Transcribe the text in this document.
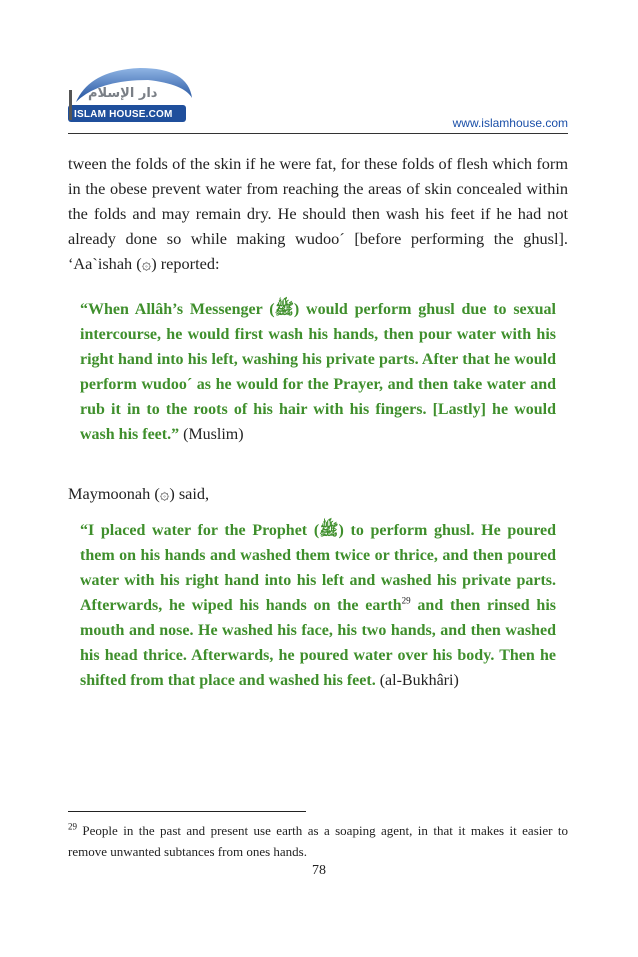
دار الإسلام
ISLAM HOUSE.COM
www.islamhouse.com

tween the folds of the skin if he were fat, for these folds of flesh which form in the obese prevent water from reaching the areas of skin concealed within the folds and may remain dry. He should then wash his feet if he had not already done so while making wudoo´ [before performing the ghusl]. ‘Aa`ishah (۞) reported:

“When Allâh’s Messenger (ﷺ) would perform ghusl due to sexual intercourse, he would first wash his hands, then pour water with his right hand into his left, washing his private parts. After that he would perform wudoo´ as he would for the Prayer, and then take water and rub it in to the roots of his hair with his fingers. [Lastly] he would wash his feet.” (Muslim)

Maymoonah (۞) said,

“I placed water for the Prophet (ﷺ) to perform ghusl. He poured them on his hands and washed them twice or thrice, and then poured water with his right hand into his left and washed his private parts. Afterwards, he wiped his hands on the earth$^{29}$ and then rinsed his mouth and nose. He washed his face, his two hands, and then washed his head thrice. Afterwards, he poured water over his body. Then he shifted from that place and washed his feet. (al-Bukhâri)

$^{29}$ People in the past and present use earth as a soaping agent, in that it makes it easier to remove unwanted subtances from ones hands.

78
